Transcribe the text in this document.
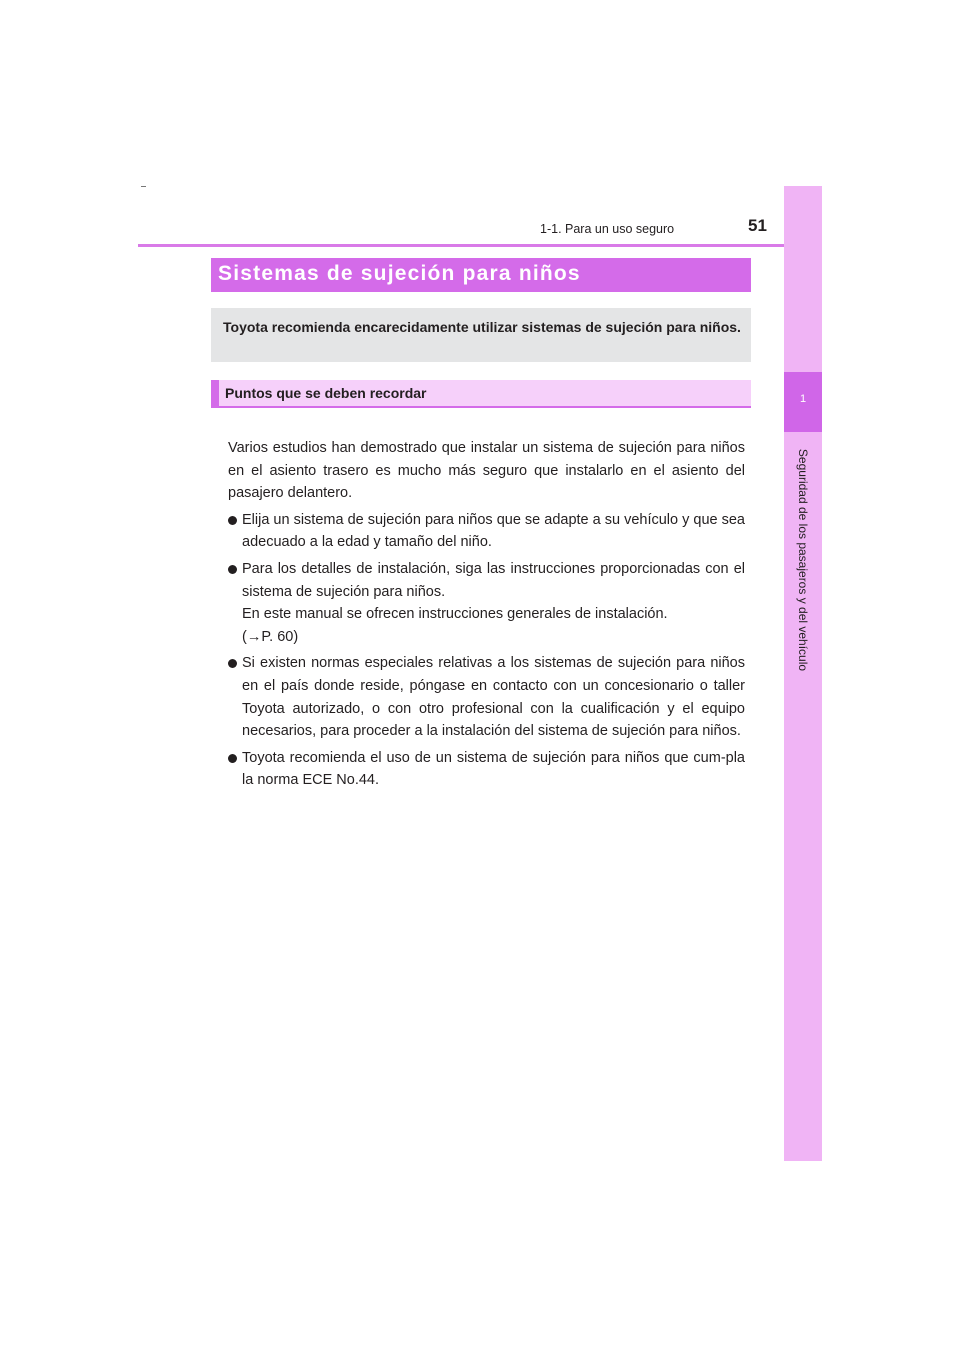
1-1. Para un uso seguro	51
1
Seguridad de los pasajeros y del vehículo
Sistemas de sujeción para niños
Toyota recomienda encarecidamente utilizar sistemas de sujeción para niños.
Puntos que se deben recordar

Varios estudios han demostrado que instalar un sistema de sujeción para niños en el asiento trasero es mucho más seguro que instalarlo en el asiento del pasajero delantero.

Elija un sistema de sujeción para niños que se adapte a su vehículo y que sea adecuado a la edad y tamaño del niño.
Para los detalles de instalación, siga las instrucciones proporcionadas con el sistema de sujeción para niños.
En este manual se ofrecen instrucciones generales de instalación.
(→P. 60)
Si existen normas especiales relativas a los sistemas de sujeción para niños en el país donde reside, póngase en contacto con un concesionario o taller Toyota autorizado, o con otro profesional con la cualificación y el equipo necesarios, para proceder a la instalación del sistema de sujeción para niños.
Toyota recomienda el uso de un sistema de sujeción para niños que cum-pla la norma ECE No.44.
